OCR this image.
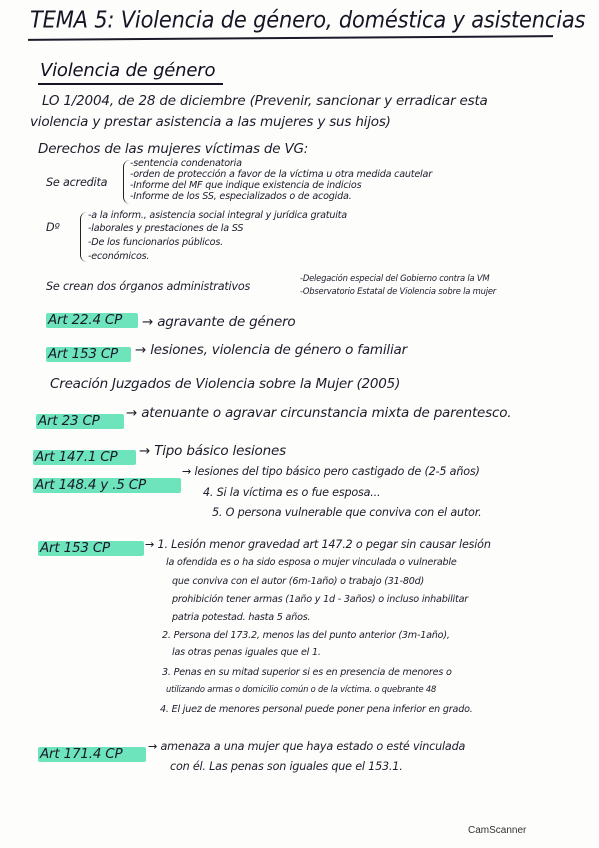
TEMA 5: Violencia de género, doméstica y asistencias
Violencia de género
LO 1/2004, de 28 de diciembre (Prevenir, sancionar y erradicar esta
violencia y prestar asistencia a las mujeres y sus hijos)
Derechos de las mujeres víctimas de VG:
Se acredita
-sentencia condenatoria
-orden de protección a favor de la víctima u otra medida cautelar
-Informe del MF que indique existencia de indicios
-Informe de los SS, especializados o de acogida.
Dº
-a la inform., asistencia social integral y jurídica gratuita
-laborales y prestaciones de la SS
-De los funcionarios públicos.
-económicos.
Se crean dos órganos administrativos
-Delegación especial del Gobierno contra la VM
-Observatorio Estatal de Violencia sobre la mujer
Art 22.4 CP → agravante de género
Art 153 CP → lesiones, violencia de género o familiar
Creación Juzgados de Violencia sobre la Mujer (2005)
Art 23 CP → atenuante o agravar circunstancia mixta de parentesco.
Art 147.1 CP → Tipo básico lesiones
Art 148.4 y .5 CP
→ lesiones del tipo básico pero castigado de (2-5 años)
4. Si la víctima es o fue esposa...
5. O persona vulnerable que conviva con el autor.
Art 153 CP	→ 1. Lesión menor gravedad art 147.2 o pegar sin causar lesión
la ofendida es o ha sido esposa o mujer vinculada o vulnerable
que conviva con el autor (6m-1año) o trabajo (31-80d)
prohibición tener armas (1año y 1d - 3años) o incluso inhabilitar
patria potestad. hasta 5 años.
2. Persona del 173.2, menos las del punto anterior (3m-1año),
las otras penas iguales que el 1.
3. Penas en su mitad superior si es en presencia de menores o
utilizando armas o domicilio común o de la víctima. o quebrante 48
4. El juez de menores personal puede poner pena inferior en grado.
Art 171.4 CP → amenaza a una mujer que haya estado o esté vinculada
con él. Las penas son iguales que el 153.1.
CamScanner
